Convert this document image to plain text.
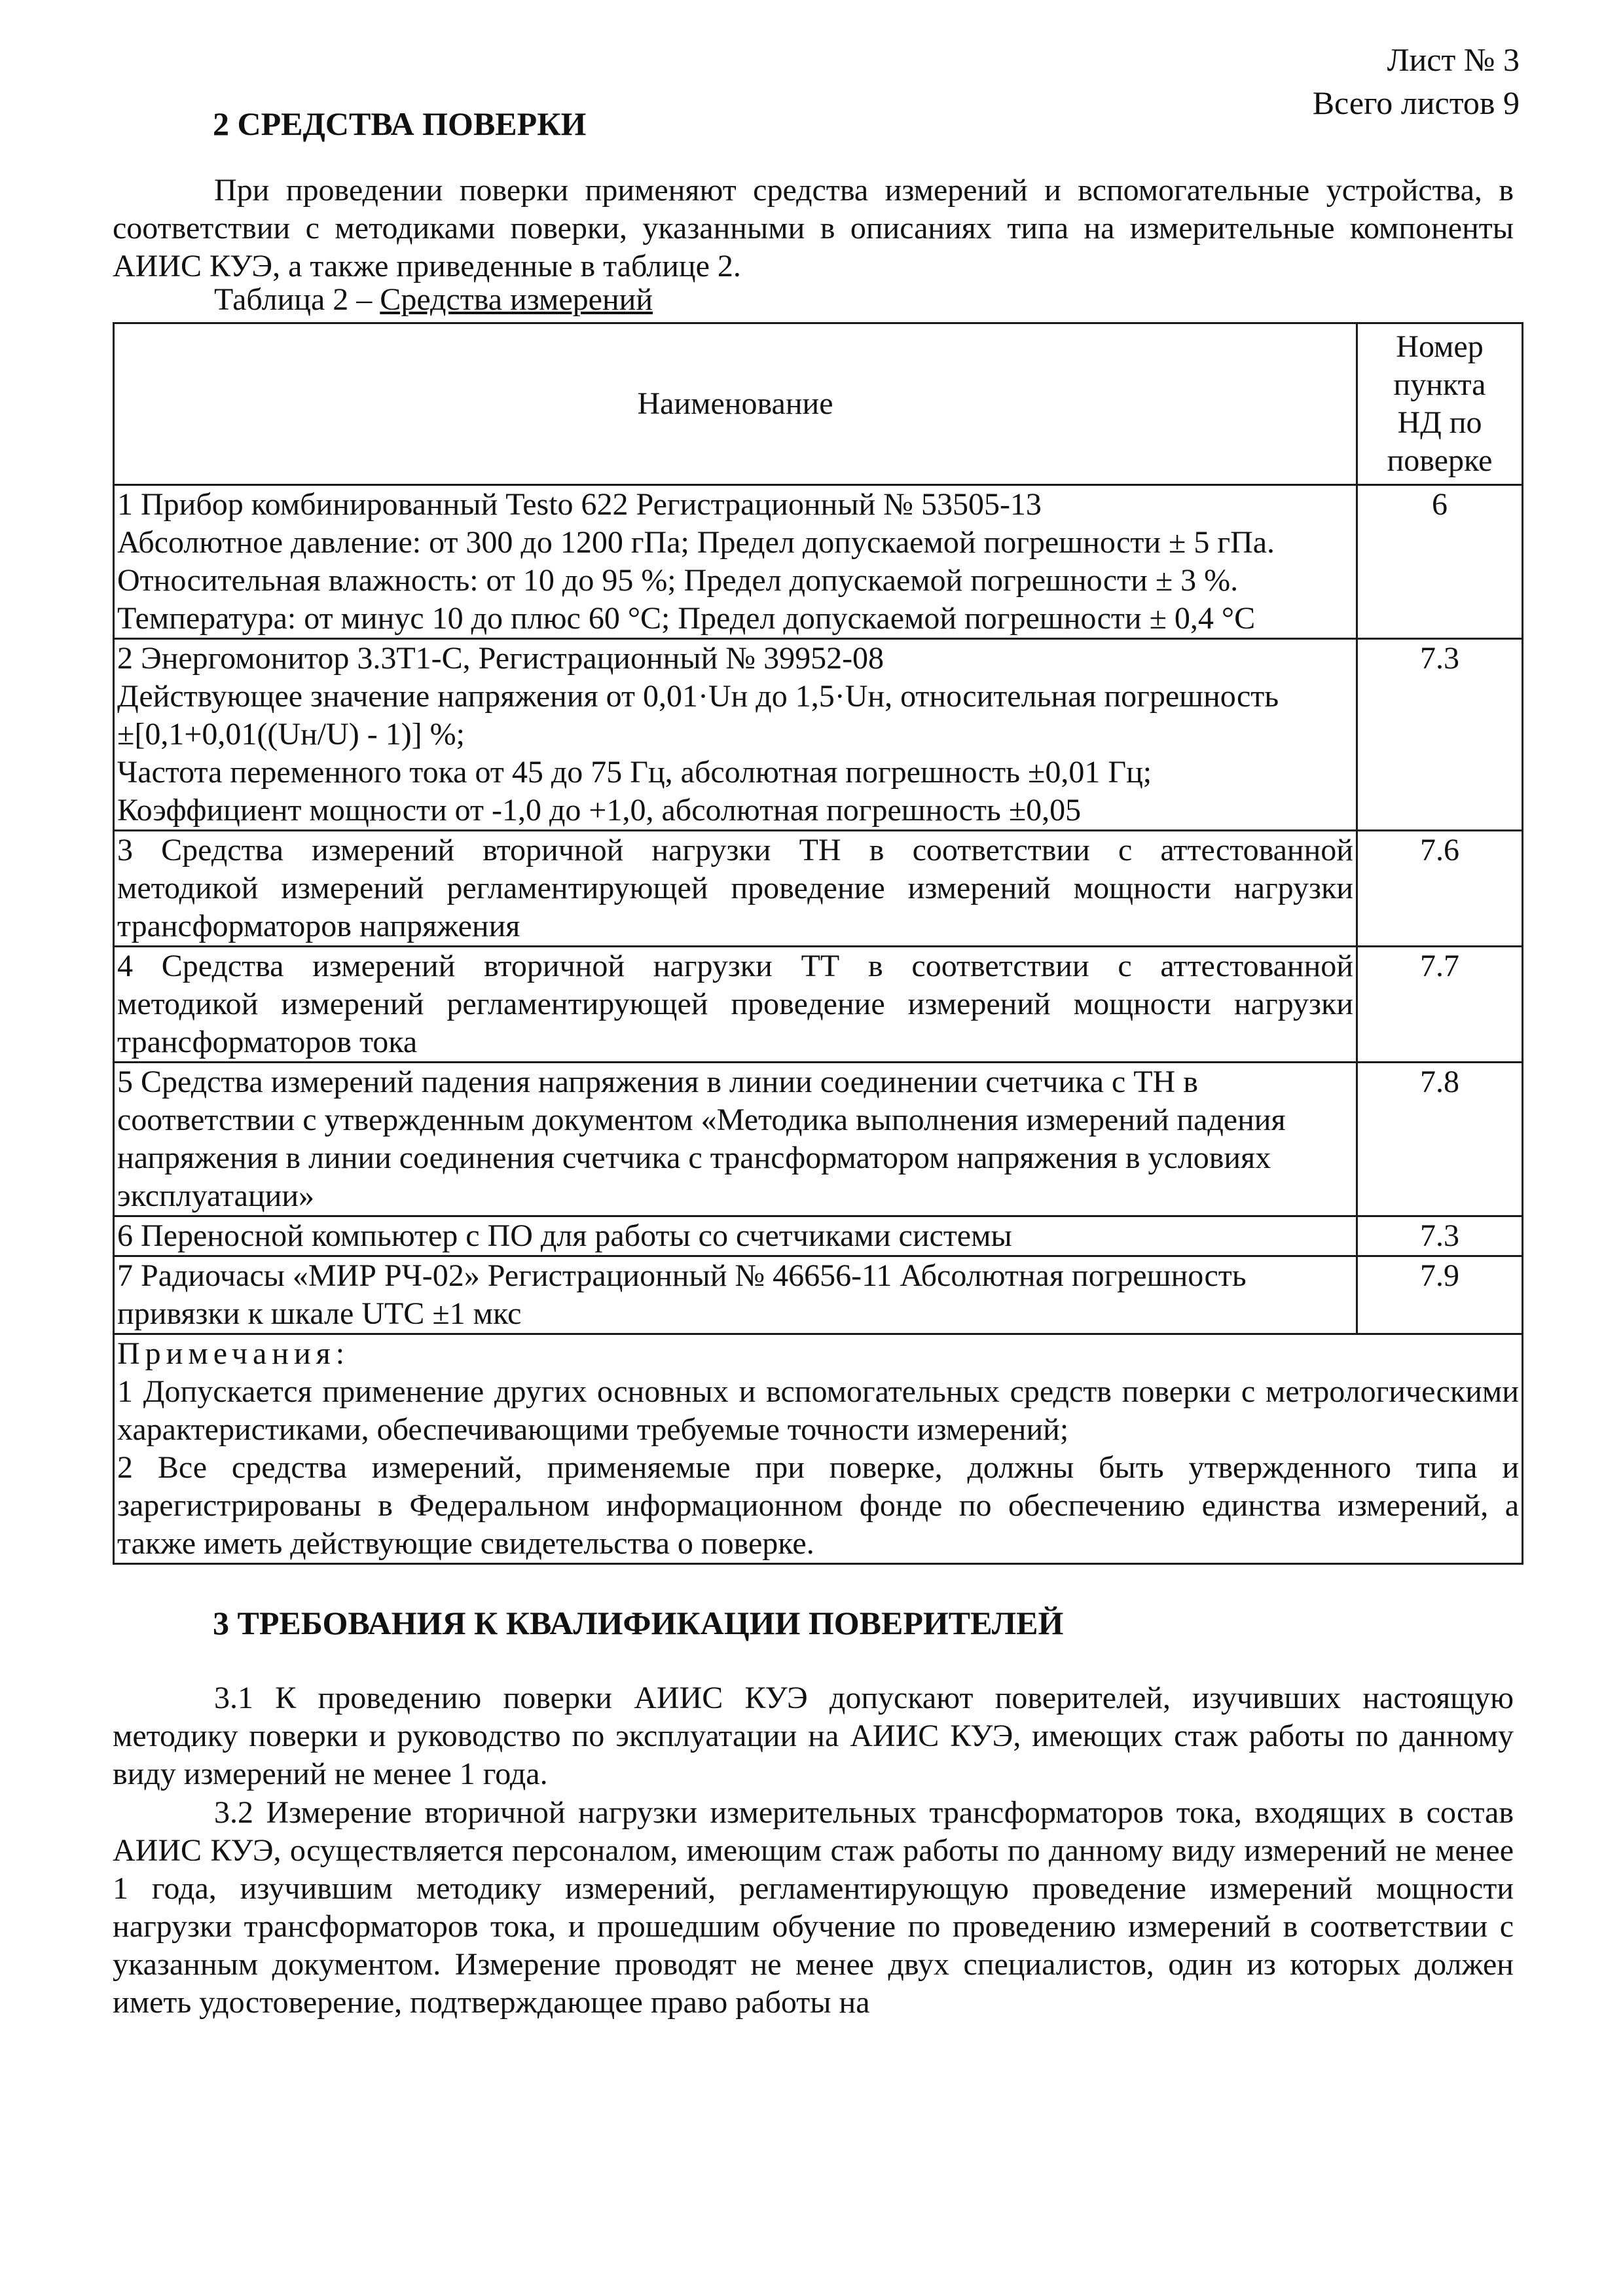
Лист № 3
Всего листов 9
2 СРЕДСТВА ПОВЕРКИ
При проведении поверки применяют средства измерений и вспомогательные устройства, в соответствии с методиками поверки, указанными в описаниях типа на измерительные компоненты АИИС КУЭ, а также приведенные в таблице 2.
Таблица 2 – Средства измерений
Наименование	Номер
пункта
НД по
поверке

1 Прибор комбинированный Testo 622 Регистрационный № 53505-13
Абсолютное давление: от 300 до 1200 гПа; Предел допускаемой погрешности ± 5 гПа.
Относительная влажность: от 10 до 95 %; Предел допускаемой погрешности ± 3 %.
Температура: от минус 10 до плюс 60 °С; Предел допускаемой погрешности ± 0,4 °С	6

2 Энергомонитор 3.3Т1-С, Регистрационный № 39952-08
Действующее значение напряжения от 0,01·Uн до 1,5·Uн, относительная погрешность
±[0,1+0,01((Uн/U) - 1)] %;
Частота переменного тока от 45 до 75 Гц, абсолютная погрешность ±0,01 Гц;
Коэффициент мощности от -1,0 до +1,0, абсолютная погрешность ±0,05	7.3

3 Средства измерений вторичной нагрузки ТН в соответствии с аттестованной
методикой измерений регламентирующей проведение измерений мощности нагрузки
трансформаторов напряжения	7.6

4 Средства измерений вторичной нагрузки ТТ в соответствии с аттестованной
методикой измерений регламентирующей проведение измерений мощности нагрузки
трансформаторов тока	7.7

5 Средства измерений падения напряжения в линии соединении счетчика с ТН в
соответствии с утвержденным документом «Методика выполнения измерений падения
напряжения в линии соединения счетчика с трансформатором напряжения в условиях
эксплуатации»	7.8

6 Переносной компьютер с ПО для работы со счетчиками системы	7.3

7 Радиочасы «МИР РЧ-02» Регистрационный № 46656-11 Абсолютная погрешность
привязки к шкале UTC ±1 мкс	7.9

Примечания:
1 Допускается применение других основных и вспомогательных средств поверки с метрологическими характеристиками, обеспечивающими требуемые точности измерений;
2 Все средства измерений, применяемые при поверке, должны быть утвержденного типа и зарегистрированы в Федеральном информационном фонде по обеспечению единства измерений, а также иметь действующие свидетельства о поверке.	
3 ТРЕБОВАНИЯ К КВАЛИФИКАЦИИ ПОВЕРИТЕЛЕЙ
3.1 К проведению поверки АИИС КУЭ допускают поверителей, изучивших настоящую методику поверки и руководство по эксплуатации на АИИС КУЭ, имеющих стаж работы по данному виду измерений не менее 1 года.
3.2 Измерение вторичной нагрузки измерительных трансформаторов тока, входящих в состав АИИС КУЭ, осуществляется персоналом, имеющим стаж работы по данному виду измерений не менее 1 года, изучившим методику измерений, регламентирующую проведение измерений мощности нагрузки трансформаторов тока, и прошедшим обучение по проведению измерений в соответствии с указанным документом. Измерение проводят не менее двух специалистов, один из которых должен иметь удостоверение, подтверждающее право работы на
